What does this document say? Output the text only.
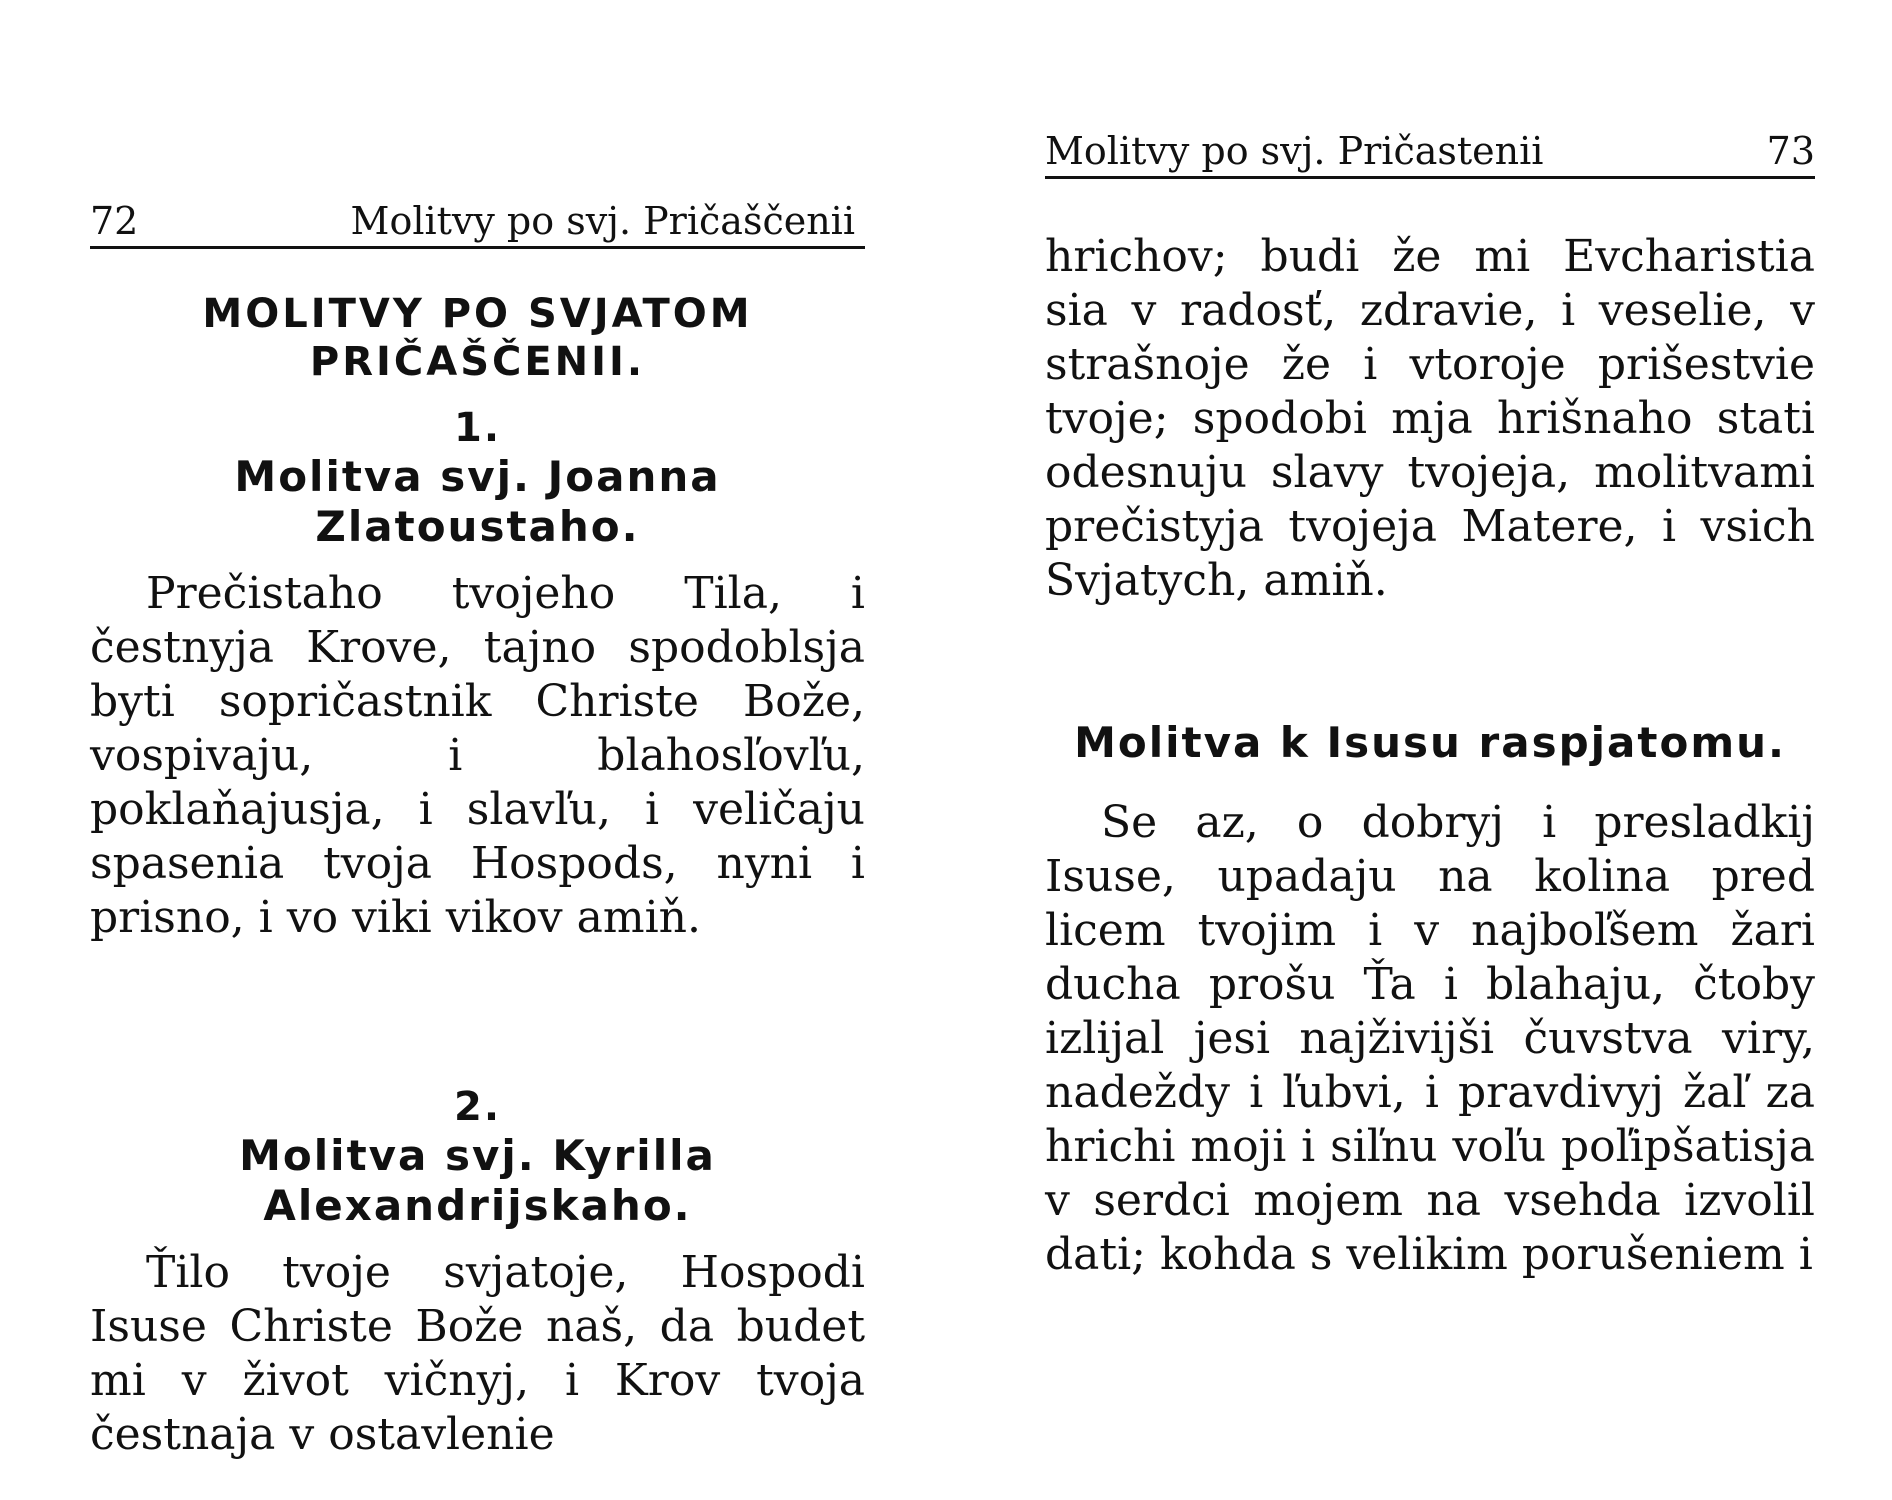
72	Molitvy po svj. Pričaščenii

MOLITVY PO SVJATOM PRIČAŠČENII.

1.

Molitva svj. Joanna Zlatoustaho.

Prečistaho tvojeho Tila, i čestnyja Krove, tajno spodoblsja byti sopričastnik Christe Bože, vospivaju, i blahosľovľu, poklaňajusja, i slavľu, i veličaju spasenia tvoja Hospods, nyni i prisno, i vo viki vikov amiň.

2.

Molitva svj. Kyrilla Alexandrijskaho.

Ťilo tvoje svjatoje, Hospodi Isuse Christe Bože naš, da budet mi v život vičnyj, i Krov tvoja čestnaja v ostavlenie

Molitvy po svj. Pričastenii	73

hrichov; budi že mi Evcharistia sia v radosť, zdravie, i veselie, v strašnoje že i vtoroje prišestvie tvoje; spodobi mja hrišnaho stati odesnuju slavy tvojeja, molitvami prečistyja tvojeja Matere, i vsich Svjatych, amiň.

Molitva k Isusu raspjatomu.

Se az, o dobryj i presladkij Isuse, upadaju na kolina pred licem tvojim i v najboľšem žari ducha prošu Ťa i blahaju, čtoby izlijal jesi najživijši čuvstva viry, nadeždy i ľubvi, i pravdivyj žaľ za hrichi moji i siľnu voľu poľipšatisja v serdci mojem na vsehda izvolil dati; kohda s velikim porušeniem i
